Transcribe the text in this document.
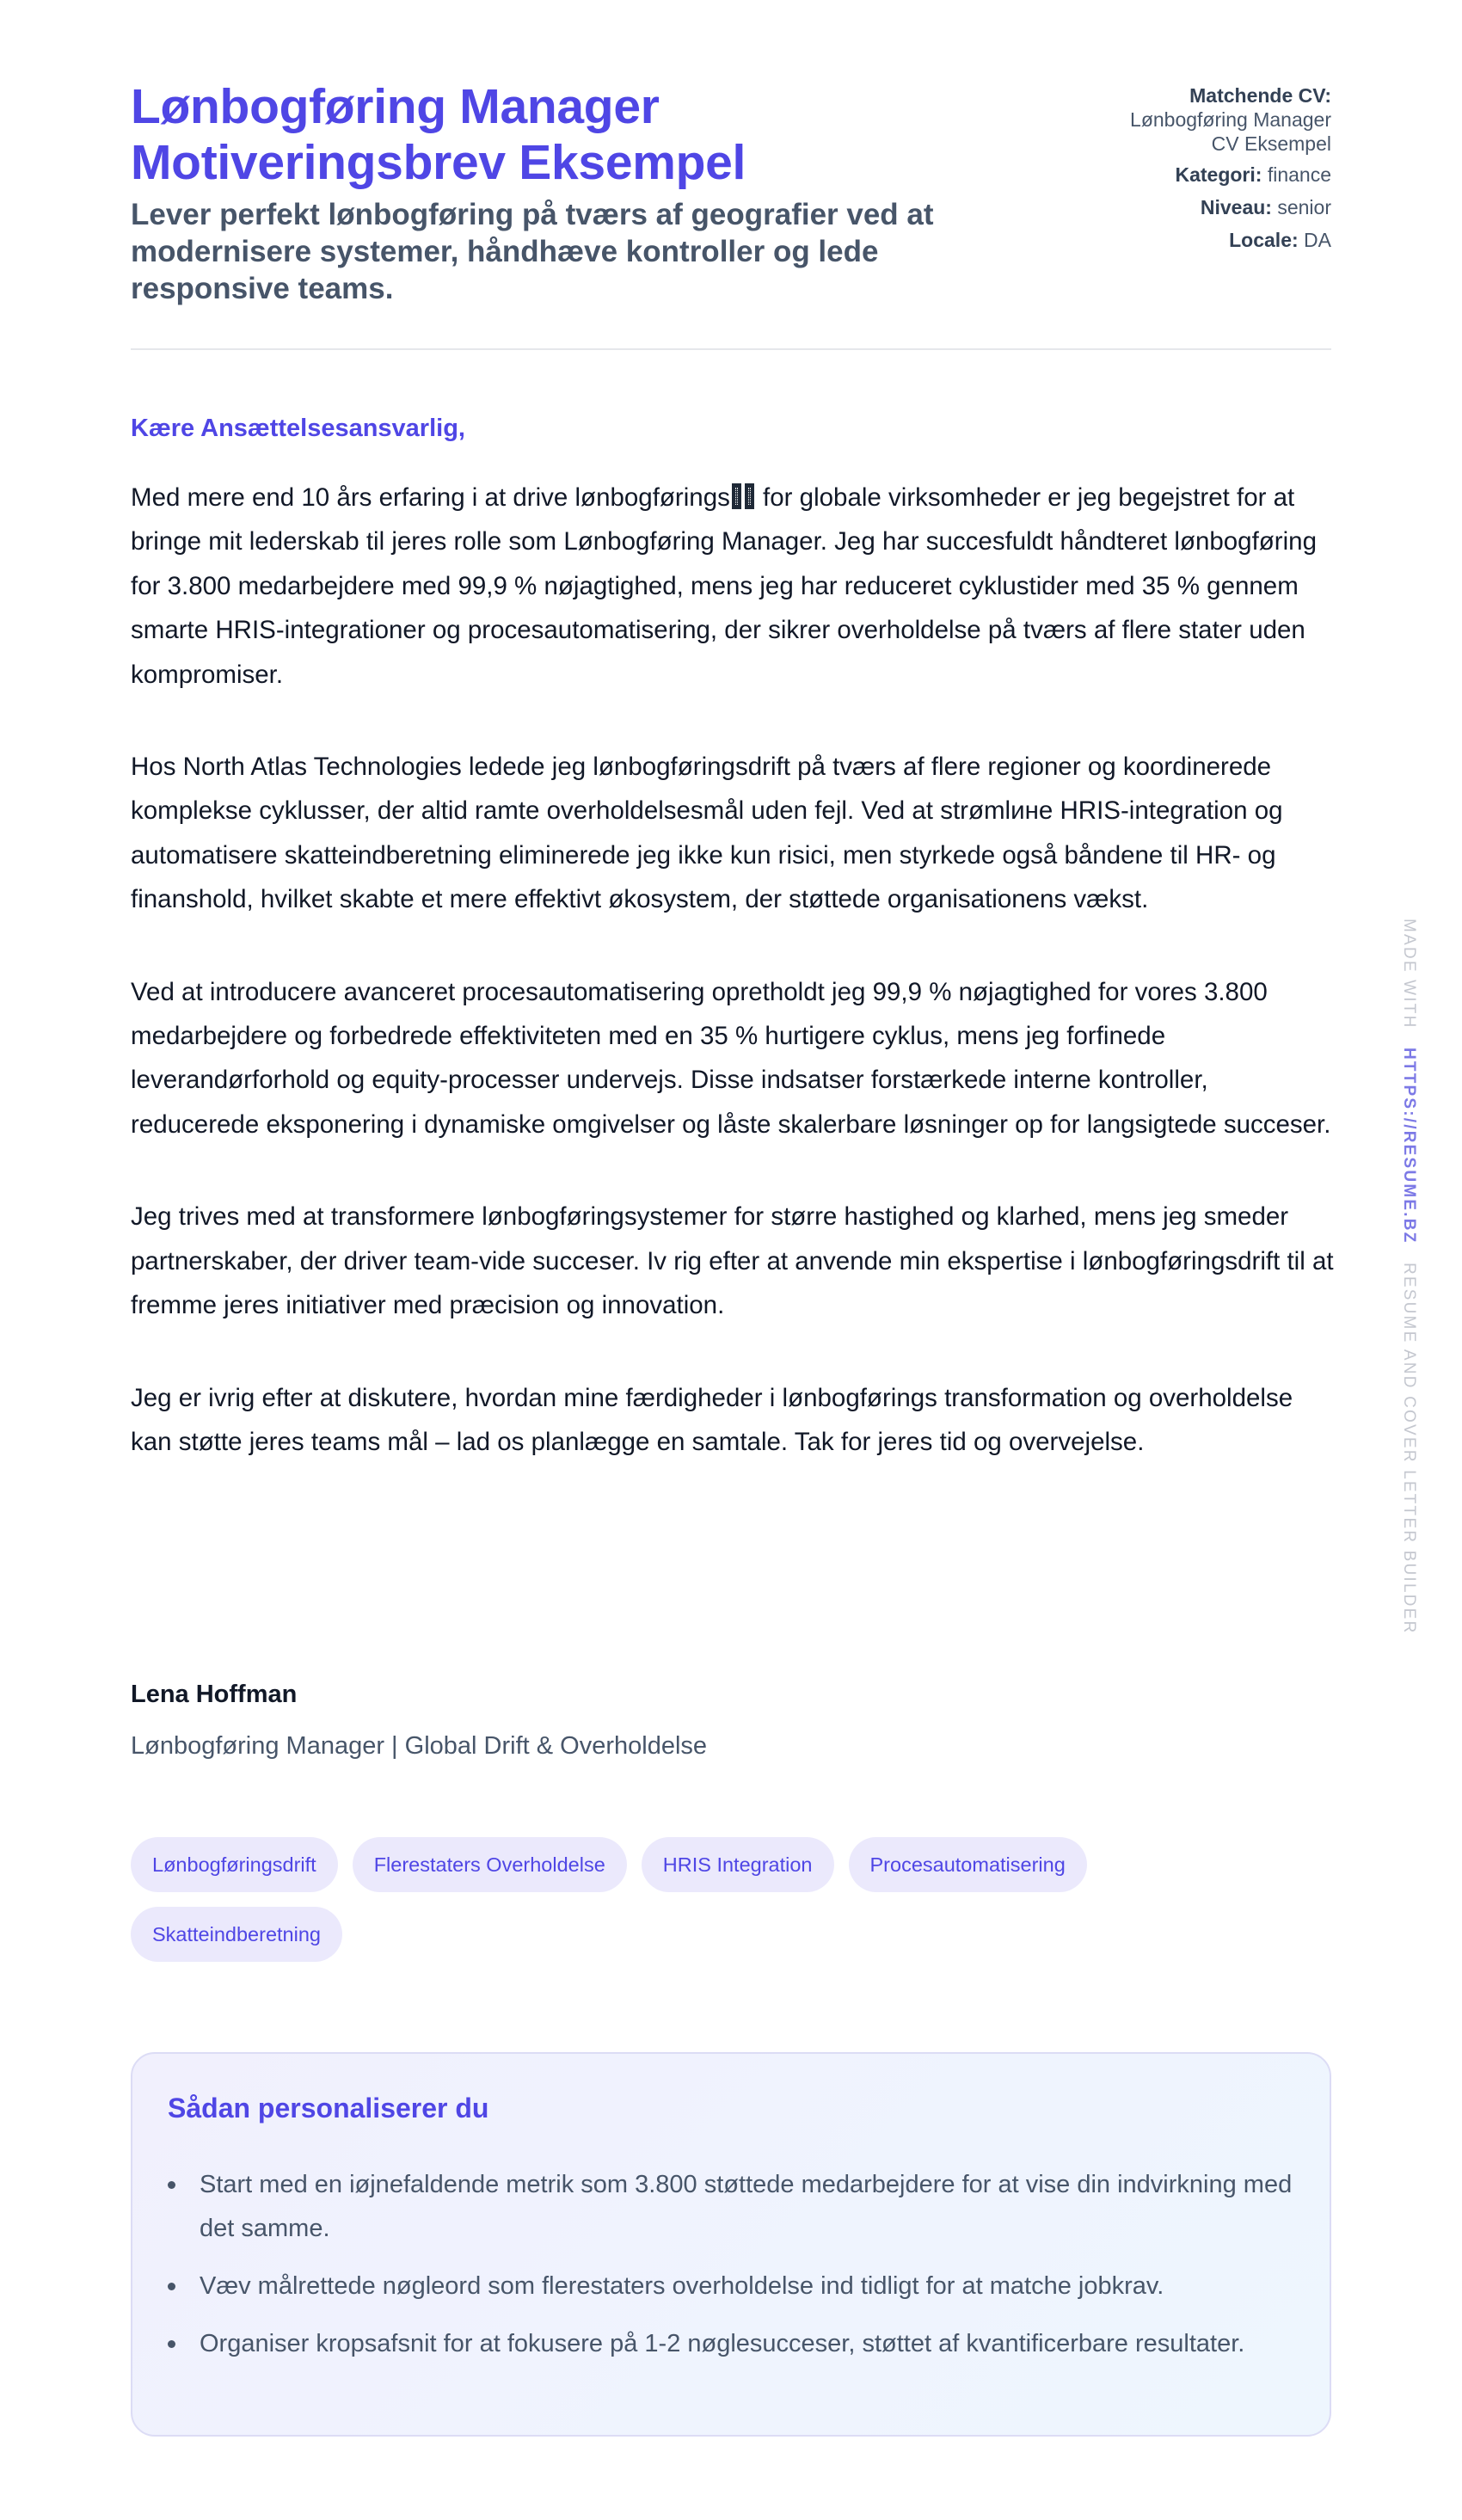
Lønbogføring Manager Motiveringsbrev Eksempel
Lever perfekt lønbogføring på tværs af geografier ved at modernisere systemer, håndhæve kontroller og lede responsive teams.
Matchende CV:
Lønbogføring Manager CV Eksempel
Kategori: finance
Niveau: senior
Locale: DA

Kære Ansættelsesansvarlig,

Med mere end 10 års erfaring i at drive lønbogførings for globale virksomheder er jeg begejstret for at bringe mit lederskab til jeres rolle som Lønbogføring Manager. Jeg har succesfuldt håndteret lønbogføring for 3.800 medarbejdere med 99,9 % nøjagtighed, mens jeg har reduceret cyklustider med 35 % gennem smarte HRIS-integrationer og procesautomatisering, der sikrer overholdelse på tværs af flere stater uden kompromiser.

Hos North Atlas Technologies ledede jeg lønbogføringsdrift på tværs af flere regioner og koordinerede komplekse cyklusser, der altid ramte overholdelsesmål uden fejl. Ved at strømlине HRIS-integration og automatisere skatteindberetning eliminerede jeg ikke kun risici, men styrkede også båndene til HR- og finanshold, hvilket skabte et mere effektivt økosystem, der støttede organisationens vækst.

Ved at introducere avanceret procesautomatisering opretholdt jeg 99,9 % nøjagtighed for vores 3.800 medarbejdere og forbedrede effektiviteten med en 35 % hurtigere cyklus, mens jeg forfinede leverandørforhold og equity-processer undervejs. Disse indsatser forstærkede interne kontroller, reducerede eksponering i dynamiske omgivelser og låste skalerbare løsninger op for langsigtede succeser.

Jeg trives med at transformere lønbogføringsystemer for større hastighed og klarhed, mens jeg smeder partnerskaber, der driver team-vide succeser. Iv rig efter at anvende min ekspertise i lønbogføringsdrift til at fremme jeres initiativer med præcision og innovation.

Jeg er ivrig efter at diskutere, hvordan mine færdigheder i lønbogførings transformation og overholdelse kan støtte jeres teams mål – lad os planlægge en samtale. Tak for jeres tid og overvejelse.

Lena Hoffman

Lønbogføring Manager | Global Drift & Overholdelse

Lønbogføringsdrift	Flerestaters Overholdelse	HRIS Integration	Procesautomatisering
Skatteindberetning
Sådan personaliserer du
Start med en iøjnefaldende metrik som 3.800 støttede medarbejdere for at vise din indvirkning med det samme.
Væv målrettede nøgleord som flerestaters overholdelse ind tidligt for at matche jobkrav.
Organiser kropsafsnit for at fokusere på 1-2 nøglesucceser, støttet af kvantificerbare resultater.
MADE WITH HTTPS://RESUME.BZ RESUME AND COVER LETTER BUILDER
